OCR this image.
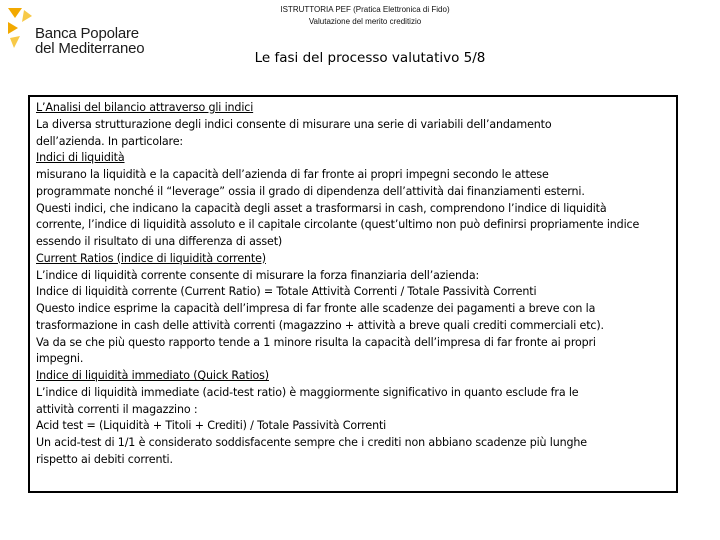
Banca Popolare
del Mediterraneo
ISTRUTTORIA PEF (Pratica Elettronica di Fido)
Valutazione del merito creditizio
Le fasi del processo valutativo 5/8
L’Analisi del bilancio attraverso gli indici
La diversa strutturazione degli indici consente di misurare una serie di variabili dell’andamento
dell’azienda. In particolare:
Indici di liquidità
misurano la liquidità e la capacità dell’azienda di far fronte ai propri impegni secondo le attese
programmate nonché il “leverage” ossia il grado di dipendenza dell’attività dai finanziamenti esterni.
Questi indici, che indicano la capacità degli asset a trasformarsi in cash, comprendono l’indice di liquidità
corrente, l’indice di liquidità assoluto e il capitale circolante (quest’ultimo non può definirsi propriamente indice
essendo il risultato di una differenza di asset)
Current Ratios (indice di liquidità corrente)
L’indice di liquidità corrente consente di misurare la forza finanziaria dell’azienda:
Indice di liquidità corrente (Current Ratio) = Totale Attività Correnti / Totale Passività Correnti
Questo indice esprime la capacità dell’impresa di far fronte alle scadenze dei pagamenti a breve con la
trasformazione in cash delle attività correnti (magazzino + attività a breve quali crediti commerciali etc).
Va da se che più questo rapporto tende a 1 minore risulta la capacità dell’impresa di far fronte ai propri
impegni.
Indice di liquidità immediato (Quick Ratios)
L’indice di liquidità immediate (acid-test ratio) è maggiormente significativo in quanto esclude fra le
attività correnti il magazzino :
Acid test = (Liquidità + Titoli + Crediti) / Totale Passività Correnti
Un acid-test di 1/1 è considerato soddisfacente sempre che i crediti non abbiano scadenze più lunghe
rispetto ai debiti correnti.
